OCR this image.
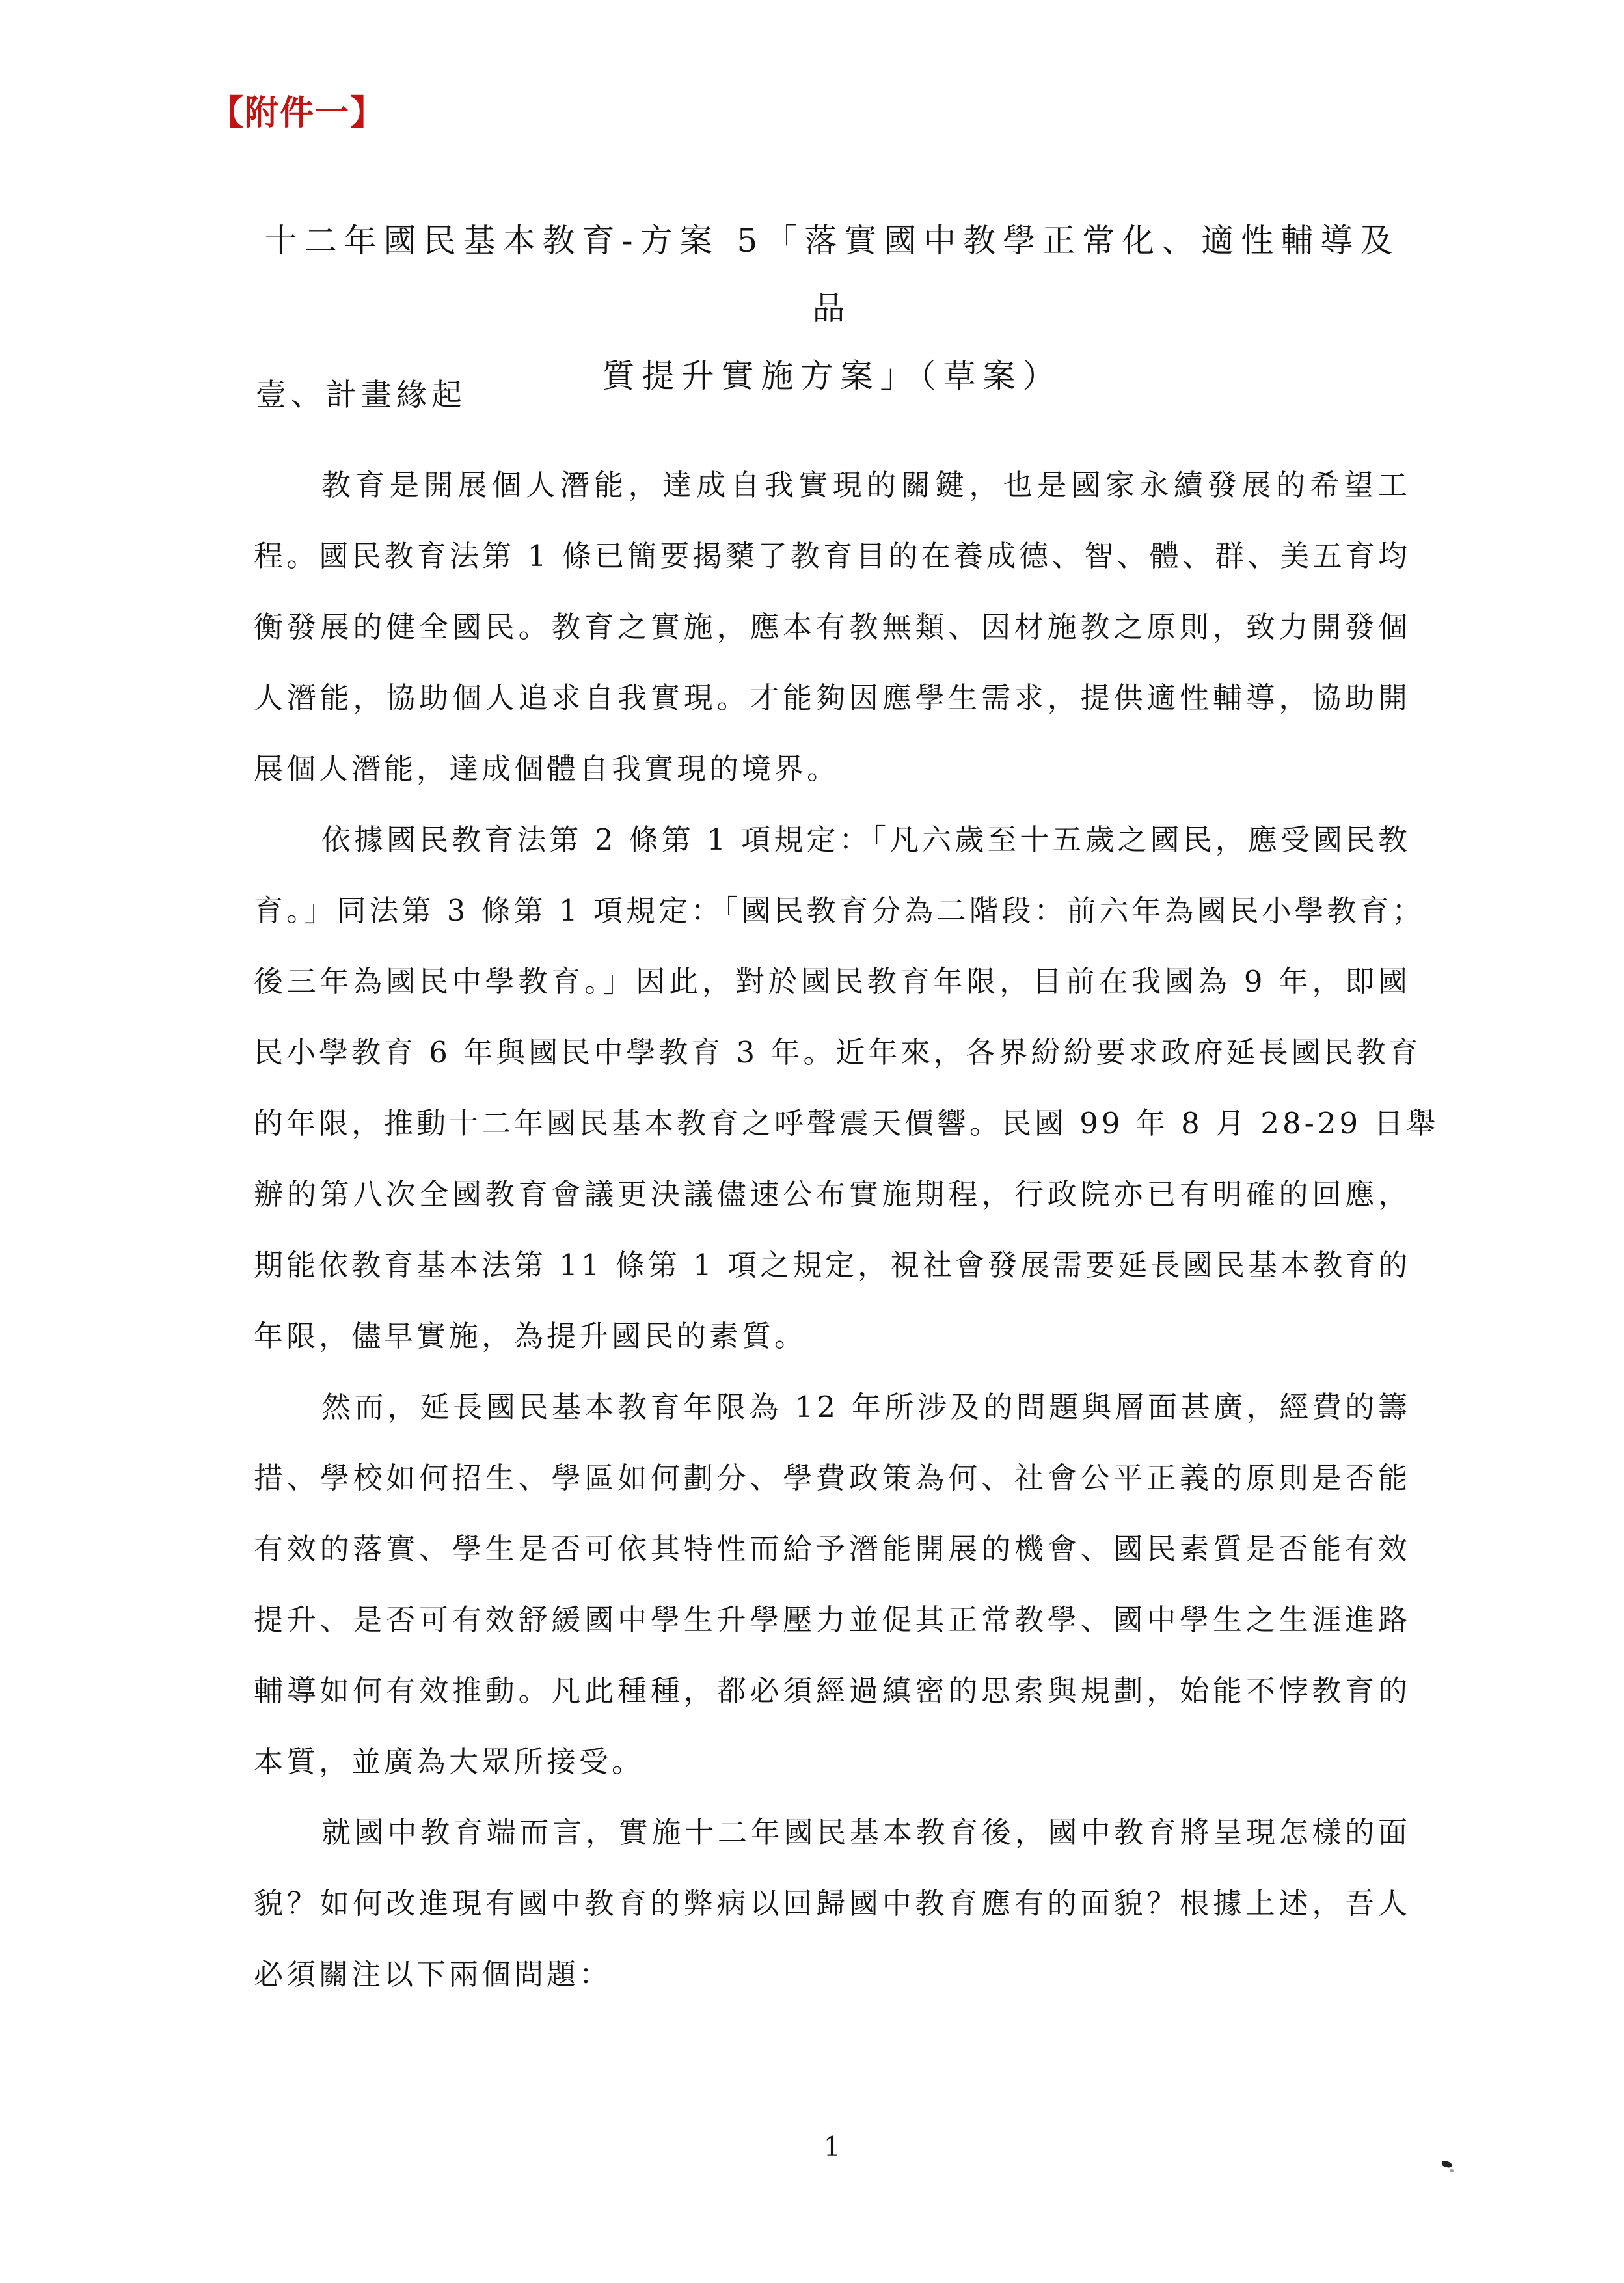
【附件一】
十二年國民基本教育-方案 5「落實國中教學正常化、適性輔導及品
質提升實施方案」（草案）
壹、計畫緣起
教育是開展個人潛能，達成自我實現的關鍵，也是國家永續發展的希望工
程。國民教育法第 1 條已簡要揭櫫了教育目的在養成德、智、體、群、美五育均
衡發展的健全國民。教育之實施，應本有教無類、因材施教之原則，致力開發個
人潛能，協助個人追求自我實現。才能夠因應學生需求，提供適性輔導，協助開
展個人潛能，達成個體自我實現的境界。
依據國民教育法第 2 條第 1 項規定：「凡六歲至十五歲之國民，應受國民教
育。」同法第 3 條第 1 項規定：「國民教育分為二階段：前六年為國民小學教育；
後三年為國民中學教育。」因此，對於國民教育年限，目前在我國為 9 年，即國
民小學教育 6 年與國民中學教育 3 年。近年來，各界紛紛要求政府延長國民教育
的年限，推動十二年國民基本教育之呼聲震天價響。民國 99 年 8 月 28-29 日舉
辦的第八次全國教育會議更決議儘速公布實施期程，行政院亦已有明確的回應，
期能依教育基本法第 11 條第 1 項之規定，視社會發展需要延長國民基本教育的
年限，儘早實施，為提升國民的素質。
然而，延長國民基本教育年限為 12 年所涉及的問題與層面甚廣，經費的籌
措、學校如何招生、學區如何劃分、學費政策為何、社會公平正義的原則是否能
有效的落實、學生是否可依其特性而給予潛能開展的機會、國民素質是否能有效
提升、是否可有效舒緩國中學生升學壓力並促其正常教學、國中學生之生涯進路
輔導如何有效推動。凡此種種，都必須經過縝密的思索與規劃，始能不悖教育的
本質，並廣為大眾所接受。
就國中教育端而言，實施十二年國民基本教育後，國中教育將呈現怎樣的面
貌？如何改進現有國中教育的弊病以回歸國中教育應有的面貌？根據上述，吾人
必須關注以下兩個問題：
1
